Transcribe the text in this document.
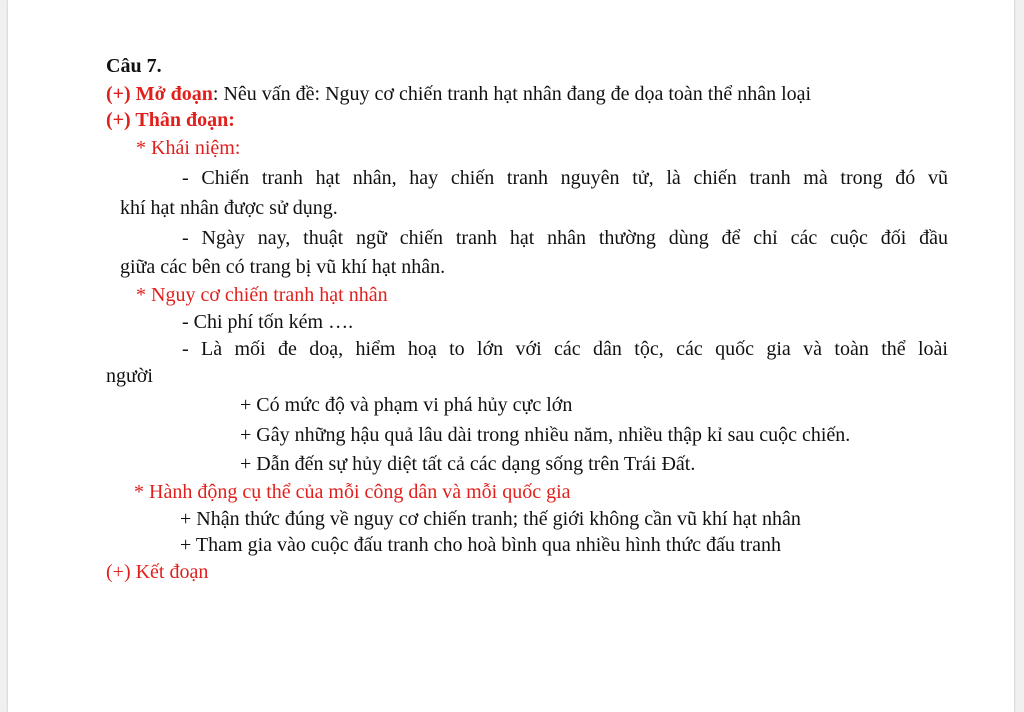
Câu 7.
(+) Mở đoạn: Nêu vấn đề: Nguy cơ chiến tranh hạt nhân đang đe dọa toàn thể nhân loại
(+) Thân đoạn:
* Khái niệm:
- Chiến tranh hạt nhân, hay chiến tranh nguyên tử, là chiến tranh mà trong đó vũ
khí hạt nhân được sử dụng.
- Ngày nay, thuật ngữ chiến tranh hạt nhân thường dùng để chỉ các cuộc đối đầu
giữa các bên có trang bị vũ khí hạt nhân.
* Nguy cơ chiến tranh hạt nhân
- Chi phí tốn kém ….
- Là mối đe doạ, hiểm hoạ to lớn với các dân tộc, các quốc gia và toàn thể loài
người
+ Có mức độ và phạm vi phá hủy cực lớn
+ Gây những hậu quả lâu dài trong nhiều năm, nhiều thập kỉ sau cuộc chiến.
+ Dẫn đến sự hủy diệt tất cả các dạng sống trên Trái Đất.
* Hành động cụ thể của mỗi công dân và mỗi quốc gia
+ Nhận thức đúng về nguy cơ chiến tranh; thế giới không cần vũ khí hạt nhân
+ Tham gia vào cuộc đấu tranh cho hoà bình qua nhiều hình thức đấu tranh
(+) Kết đoạn
